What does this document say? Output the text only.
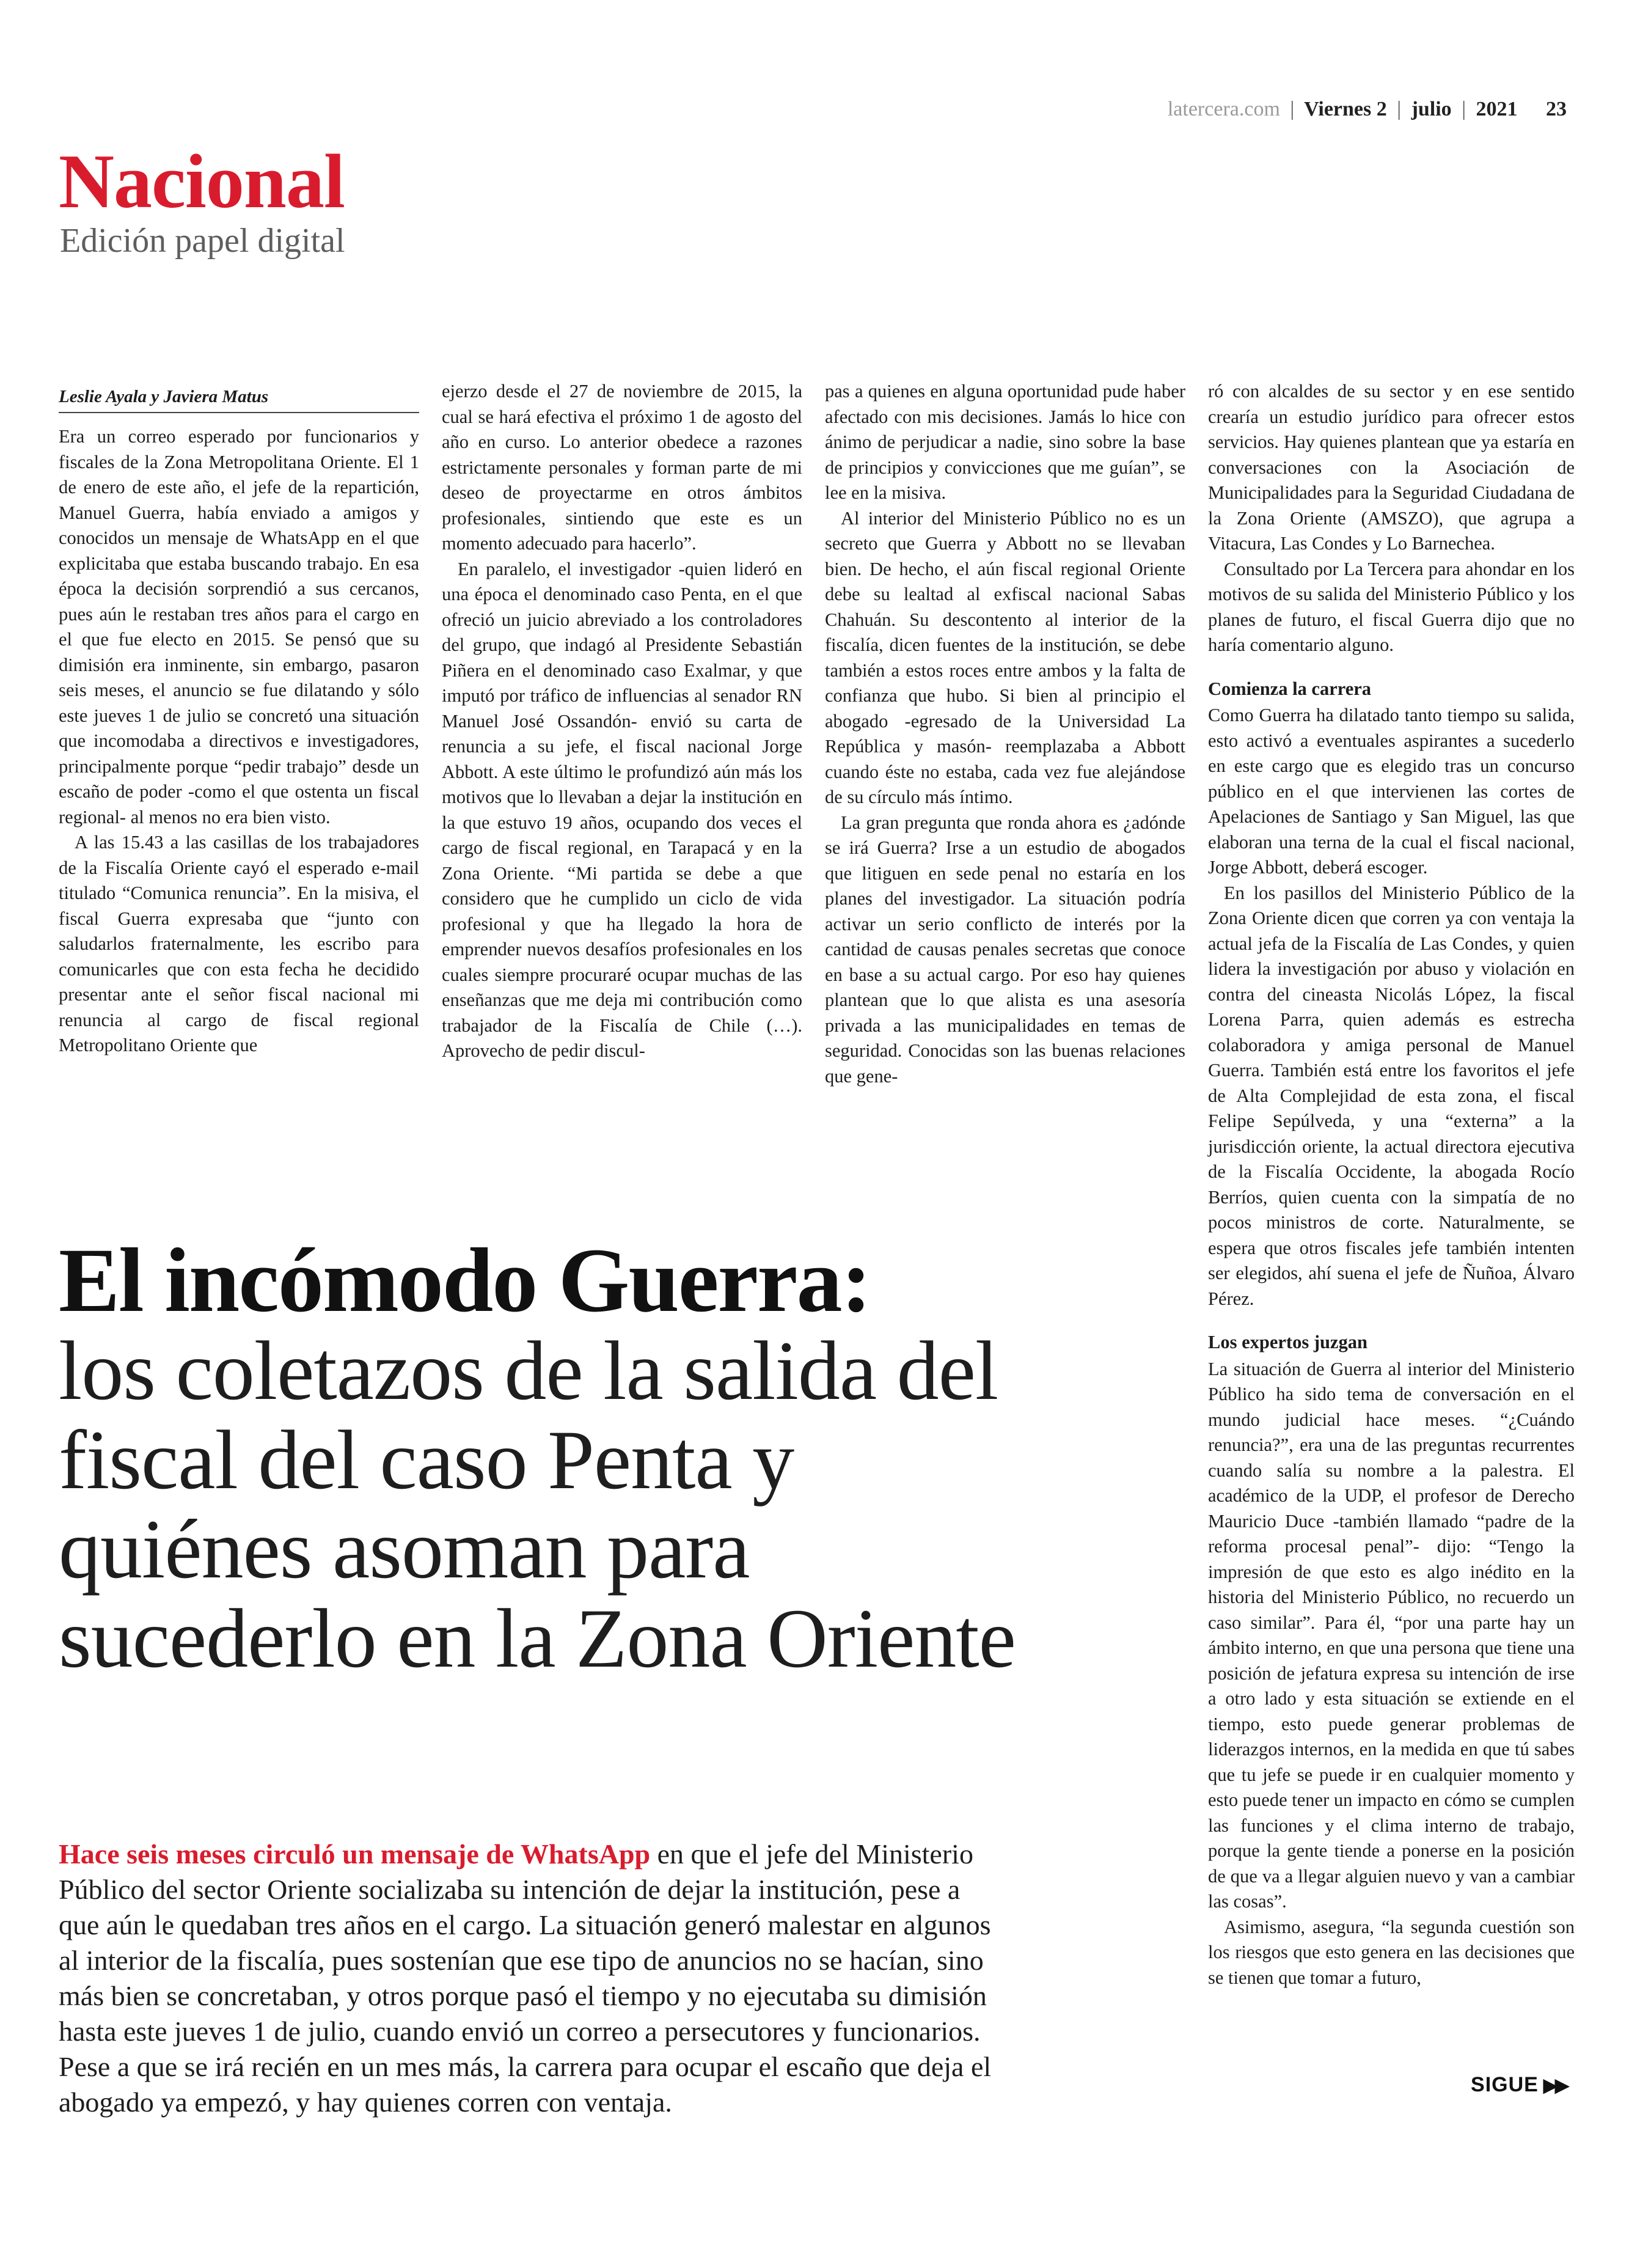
latercera.com | Viernes 2 | julio | 2021 23
Nacional
Edición papel digital
Leslie Ayala y Javiera Matus

Era un correo esperado por funcionarios y fiscales de la Zona Metropolitana Oriente. El 1 de enero de este año, el jefe de la repartición, Manuel Guerra, había enviado a amigos y conocidos un mensaje de WhatsApp en el que explicitaba que estaba buscando trabajo. En esa época la decisión sorprendió a sus cercanos, pues aún le restaban tres años para el cargo en el que fue electo en 2015. Se pensó que su dimisión era inminente, sin embargo, pasaron seis meses, el anuncio se fue dilatando y sólo este jueves 1 de julio se concretó una situación que incomodaba a directivos e investigadores, principalmente porque “pedir trabajo” desde un escaño de poder -como el que ostenta un fiscal regional- al menos no era bien visto.

A las 15.43 a las casillas de los trabajadores de la Fiscalía Oriente cayó el esperado e-mail titulado “Comunica renuncia”. En la misiva, el fiscal Guerra expresaba que “junto con saludarlos fraternalmente, les escribo para comunicarles que con esta fecha he decidido presentar ante el señor fiscal nacional mi renuncia al cargo de fiscal regional Metropolitano Oriente que

ejerzo desde el 27 de noviembre de 2015, la cual se hará efectiva el próximo 1 de agosto del año en curso. Lo anterior obedece a razones estrictamente personales y forman parte de mi deseo de proyectarme en otros ámbitos profesionales, sintiendo que este es un momento adecuado para hacerlo”.

En paralelo, el investigador -quien lideró en una época el denominado caso Penta, en el que ofreció un juicio abreviado a los controladores del grupo, que indagó al Presidente Sebastián Piñera en el denominado caso Exalmar, y que imputó por tráfico de influencias al senador RN Manuel José Ossandón- envió su carta de renuncia a su jefe, el fiscal nacional Jorge Abbott. A este último le profundizó aún más los motivos que lo llevaban a dejar la institución en la que estuvo 19 años, ocupando dos veces el cargo de fiscal regional, en Tarapacá y en la Zona Oriente. “Mi partida se debe a que considero que he cumplido un ciclo de vida profesional y que ha llegado la hora de emprender nuevos desafíos profesionales en los cuales siempre procuraré ocupar muchas de las enseñanzas que me deja mi contribución como trabajador de la Fiscalía de Chile (…). Aprovecho de pedir discul-

pas a quienes en alguna oportunidad pude haber afectado con mis decisiones. Jamás lo hice con ánimo de perjudicar a nadie, sino sobre la base de principios y convicciones que me guían”, se lee en la misiva.

Al interior del Ministerio Público no es un secreto que Guerra y Abbott no se llevaban bien. De hecho, el aún fiscal regional Oriente debe su lealtad al exfiscal nacional Sabas Chahuán. Su descontento al interior de la fiscalía, dicen fuentes de la institución, se debe también a estos roces entre ambos y la falta de confianza que hubo. Si bien al principio el abogado -egresado de la Universidad La República y masón- reemplazaba a Abbott cuando éste no estaba, cada vez fue alejándose de su círculo más íntimo.

La gran pregunta que ronda ahora es ¿adónde se irá Guerra? Irse a un estudio de abogados que litiguen en sede penal no estaría en los planes del investigador. La situación podría activar un serio conflicto de interés por la cantidad de causas penales secretas que conoce en base a su actual cargo. Por eso hay quienes plantean que lo que alista es una asesoría privada a las municipalidades en temas de seguridad. Conocidas son las buenas relaciones que gene-

ró con alcaldes de su sector y en ese sentido crearía un estudio jurídico para ofrecer estos servicios. Hay quienes plantean que ya estaría en conversaciones con la Asociación de Municipalidades para la Seguridad Ciudadana de la Zona Oriente (AMSZO), que agrupa a Vitacura, Las Condes y Lo Barnechea.

Consultado por La Tercera para ahondar en los motivos de su salida del Ministerio Público y los planes de futuro, el fiscal Guerra dijo que no haría comentario alguno.

Comienza la carrera

Como Guerra ha dilatado tanto tiempo su salida, esto activó a eventuales aspirantes a sucederlo en este cargo que es elegido tras un concurso público en el que intervienen las cortes de Apelaciones de Santiago y San Miguel, las que elaboran una terna de la cual el fiscal nacional, Jorge Abbott, deberá escoger.

En los pasillos del Ministerio Público de la Zona Oriente dicen que corren ya con ventaja la actual jefa de la Fiscalía de Las Condes, y quien lidera la investigación por abuso y violación en contra del cineasta Nicolás López, la fiscal Lorena Parra, quien además es estrecha colaboradora y amiga personal de Manuel Guerra. También está entre los favoritos el jefe de Alta Complejidad de esta zona, el fiscal Felipe Sepúlveda, y una “externa” a la jurisdicción oriente, la actual directora ejecutiva de la Fiscalía Occidente, la abogada Rocío Berríos, quien cuenta con la simpatía de no pocos ministros de corte. Naturalmente, se espera que otros fiscales jefe también intenten ser elegidos, ahí suena el jefe de Ñuñoa, Álvaro Pérez.

Los expertos juzgan

La situación de Guerra al interior del Ministerio Público ha sido tema de conversación en el mundo judicial hace meses. “¿Cuándo renuncia?”, era una de las preguntas recurrentes cuando salía su nombre a la palestra. El académico de la UDP, el profesor de Derecho Mauricio Duce -también llamado “padre de la reforma procesal penal”- dijo: “Tengo la impresión de que esto es algo inédito en la historia del Ministerio Público, no recuerdo un caso similar”. Para él, “por una parte hay un ámbito interno, en que una persona que tiene una posición de jefatura expresa su intención de irse a otro lado y esta situación se extiende en el tiempo, esto puede generar problemas de liderazgos internos, en la medida en que tú sabes que tu jefe se puede ir en cualquier momento y esto puede tener un impacto en cómo se cumplen las funciones y el clima interno de trabajo, porque la gente tiende a ponerse en la posición de que va a llegar alguien nuevo y van a cambiar las cosas”.

Asimismo, asegura, “la segunda cuestión son los riesgos que esto genera en las decisiones que se tienen que tomar a futuro,

El incómodo Guerra:
los coletazos de la salida del fiscal del caso Penta y quiénes asoman para sucederlo en la Zona Oriente
Hace seis meses circuló un mensaje de WhatsApp en que el jefe del Ministerio Público del sector Oriente socializaba su intención de dejar la institución, pese a que aún le quedaban tres años en el cargo. La situación generó malestar en algunos al interior de la fiscalía, pues sostenían que ese tipo de anuncios no se hacían, sino más bien se concretaban, y otros porque pasó el tiempo y no ejecutaba su dimisión hasta este jueves 1 de julio, cuando envió un correo a persecutores y funcionarios. Pese a que se irá recién en un mes más, la carrera para ocupar el escaño que deja el abogado ya empezó, y hay quienes corren con ventaja.
SIGUE ▶▶
